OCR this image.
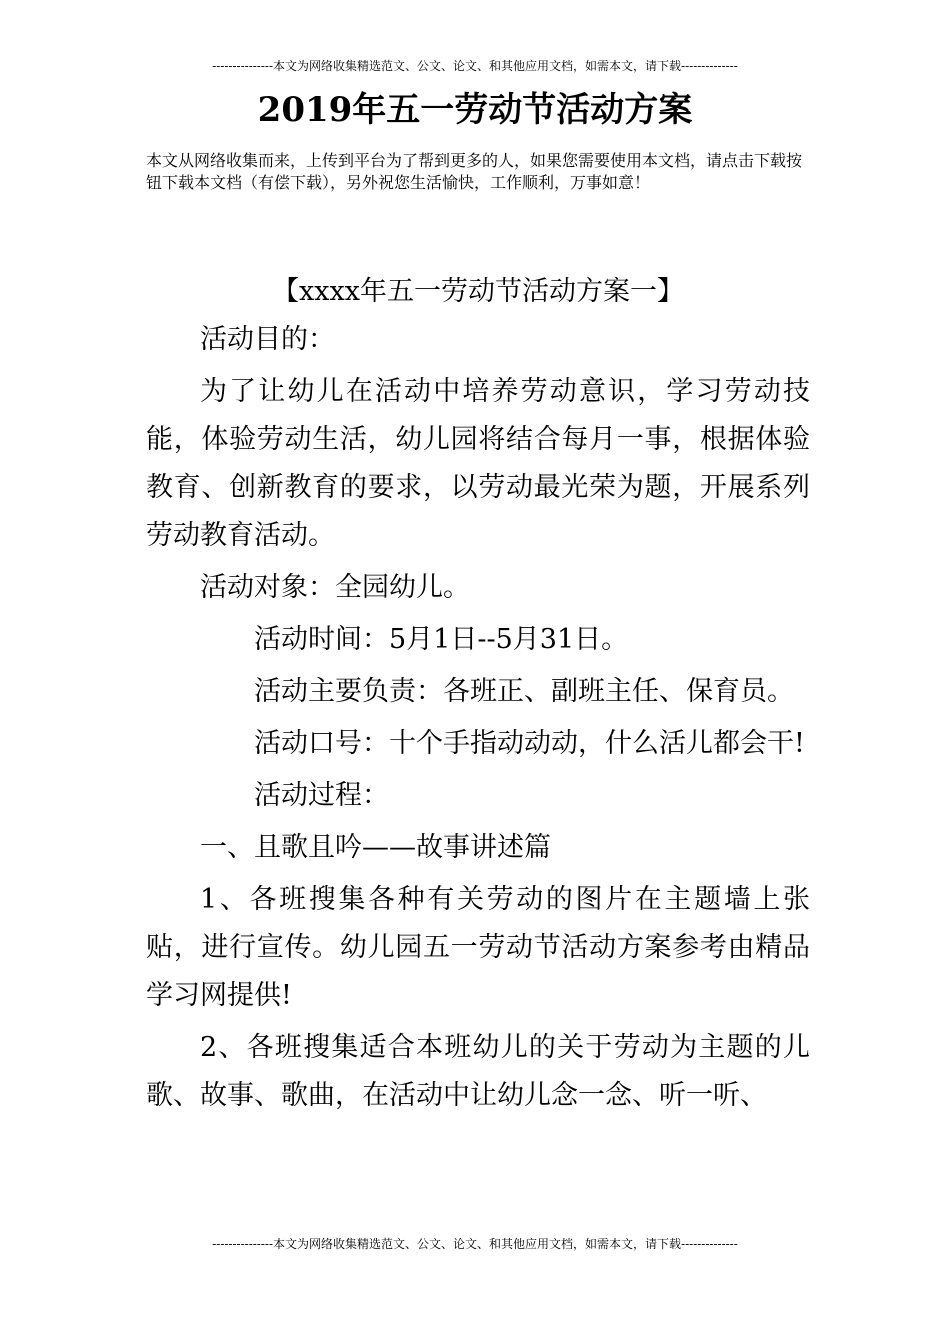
---------------本文为网络收集精选范文、公文、论文、和其他应用文档，如需本文，请下载--------------
2019年五一劳动节活动方案

本文从网络收集而来，上传到平台为了帮到更多的人，如果您需要使用本文档，请点击下载按钮下载本文档（有偿下载），另外祝您生活愉快，工作顺利，万事如意！

【xxxx年五一劳动节活动方案一】

活动目的：

为了让幼儿在活动中培养劳动意识，学习劳动技能，体验劳动生活，幼儿园将结合每月一事，根据体验教育、创新教育的要求，以劳动最光荣为题，开展系列劳动教育活动。

活动对象：全园幼儿。

活动时间：5月1日--5月31日。

活动主要负责：各班正、副班主任、保育员。

活动口号：十个手指动动动，什么活儿都会干!

活动过程：

一、且歌且吟——故事讲述篇

1、各班搜集各种有关劳动的图片在主题墙上张贴，进行宣传。幼儿园五一劳动节活动方案参考由精品学习网提供!

2、各班搜集适合本班幼儿的关于劳动为主题的儿歌、故事、歌曲，在活动中让幼儿念一念、听一听、

---------------本文为网络收集精选范文、公文、论文、和其他应用文档，如需本文，请下载--------------
